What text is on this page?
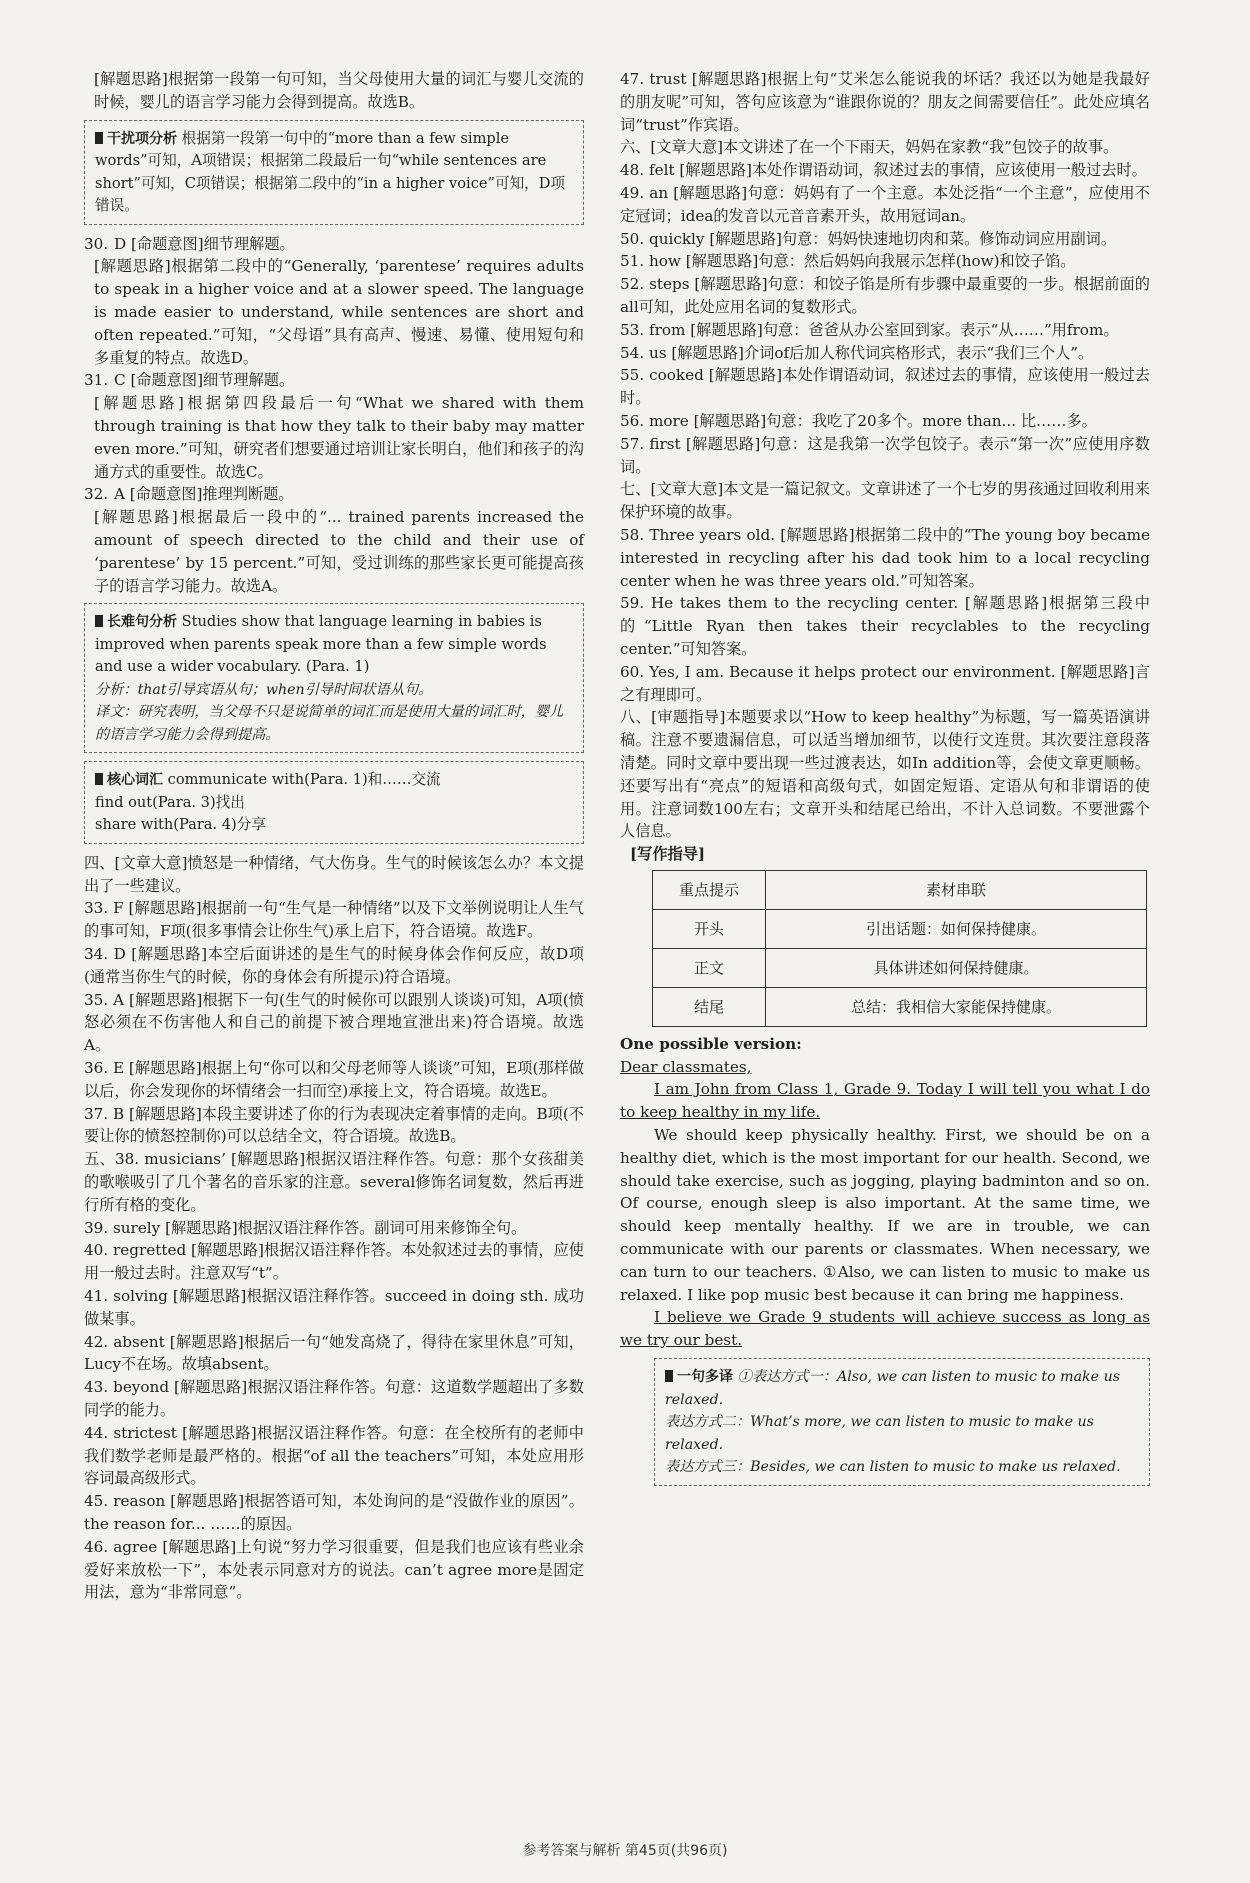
[解题思路]根据第一段第一句可知，当父母使用大量的词汇与婴儿交流的时候，婴儿的语言学习能力会得到提高。故选B。

干扰项分析 根据第一段第一句中的“more than a few simple words”可知，A项错误；根据第二段最后一句“while sentences are short”可知，C项错误；根据第二段中的“in a higher voice”可知，D项错误。

30. D [命题意图]细节理解题。

[解题思路]根据第二段中的“Generally, ‘parentese’ requires adults to speak in a higher voice and at a slower speed. The language is made easier to understand, while sentences are short and often repeated.”可知，“父母语”具有高声、慢速、易懂、使用短句和多重复的特点。故选D。

31. C [命题意图]细节理解题。

[解题思路]根据第四段最后一句“What we shared with them through training is that how they talk to their baby may matter even more.”可知，研究者们想要通过培训让家长明白，他们和孩子的沟通方式的重要性。故选C。

32. A [命题意图]推理判断题。

[解题思路]根据最后一段中的“... trained parents increased the amount of speech directed to the child and their use of ‘parentese’ by 15 percent.”可知，受过训练的那些家长更可能提高孩子的语言学习能力。故选A。

长难句分析 Studies show that language learning in babies is improved when parents speak more than a few simple words and use a wider vocabulary. (Para. 1)
分析：that引导宾语从句；when引导时间状语从句。
译文：研究表明，当父母不只是说简单的词汇而是使用大量的词汇时，婴儿的语言学习能力会得到提高。
核心词汇 communicate with(Para. 1)和……交流
find out(Para. 3)找出
share with(Para. 4)分享

四、[文章大意]愤怒是一种情绪，气大伤身。生气的时候该怎么办？本文提出了一些建议。

33. F [解题思路]根据前一句“生气是一种情绪”以及下文举例说明让人生气的事可知，F项(很多事情会让你生气)承上启下，符合语境。故选F。

34. D [解题思路]本空后面讲述的是生气的时候身体会作何反应，故D项(通常当你生气的时候，你的身体会有所提示)符合语境。

35. A [解题思路]根据下一句(生气的时候你可以跟别人谈谈)可知，A项(愤怒必须在不伤害他人和自己的前提下被合理地宣泄出来)符合语境。故选A。

36. E [解题思路]根据上句“你可以和父母老师等人谈谈”可知，E项(那样做以后，你会发现你的坏情绪会一扫而空)承接上文，符合语境。故选E。

37. B [解题思路]本段主要讲述了你的行为表现决定着事情的走向。B项(不要让你的愤怒控制你)可以总结全文，符合语境。故选B。

五、38. musicians’ [解题思路]根据汉语注释作答。句意：那个女孩甜美的歌喉吸引了几个著名的音乐家的注意。several修饰名词复数，然后再进行所有格的变化。

39. surely [解题思路]根据汉语注释作答。副词可用来修饰全句。

40. regretted [解题思路]根据汉语注释作答。本处叙述过去的事情，应使用一般过去时。注意双写“t”。

41. solving [解题思路]根据汉语注释作答。succeed in doing sth. 成功做某事。

42. absent [解题思路]根据后一句“她发高烧了，得待在家里休息”可知，Lucy不在场。故填absent。

43. beyond [解题思路]根据汉语注释作答。句意：这道数学题超出了多数同学的能力。

44. strictest [解题思路]根据汉语注释作答。句意：在全校所有的老师中我们数学老师是最严格的。根据“of all the teachers”可知，本处应用形容词最高级形式。

45. reason [解题思路]根据答语可知，本处询问的是“没做作业的原因”。the reason for... ……的原因。

46. agree [解题思路]上句说“努力学习很重要，但是我们也应该有些业余爱好来放松一下”，本处表示同意对方的说法。can’t agree more是固定用法，意为“非常同意”。

47. trust [解题思路]根据上句“艾米怎么能说我的坏话？我还以为她是我最好的朋友呢”可知，答句应该意为“谁跟你说的？朋友之间需要信任”。此处应填名词“trust”作宾语。

六、[文章大意]本文讲述了在一个下雨天，妈妈在家教“我”包饺子的故事。

48. felt [解题思路]本处作谓语动词，叙述过去的事情，应该使用一般过去时。

49. an [解题思路]句意：妈妈有了一个主意。本处泛指“一个主意”，应使用不定冠词；idea的发音以元音音素开头，故用冠词an。

50. quickly [解题思路]句意：妈妈快速地切肉和菜。修饰动词应用副词。

51. how [解题思路]句意：然后妈妈向我展示怎样(how)和饺子馅。

52. steps [解题思路]句意：和饺子馅是所有步骤中最重要的一步。根据前面的all可知，此处应用名词的复数形式。

53. from [解题思路]句意：爸爸从办公室回到家。表示“从……”用from。

54. us [解题思路]介词of后加人称代词宾格形式，表示“我们三个人”。

55. cooked [解题思路]本处作谓语动词，叙述过去的事情，应该使用一般过去时。

56. more [解题思路]句意：我吃了20多个。more than... 比……多。

57. first [解题思路]句意：这是我第一次学包饺子。表示“第一次”应使用序数词。

七、[文章大意]本文是一篇记叙文。文章讲述了一个七岁的男孩通过回收利用来保护环境的故事。

58. Three years old. [解题思路]根据第二段中的“The young boy became interested in recycling after his dad took him to a local recycling center when he was three years old.”可知答案。

59. He takes them to the recycling center. [解题思路]根据第三段中的“Little Ryan then takes their recyclables to the recycling center.”可知答案。

60. Yes, I am. Because it helps protect our environment. [解题思路]言之有理即可。

八、[审题指导]本题要求以“How to keep healthy”为标题，写一篇英语演讲稿。注意不要遗漏信息，可以适当增加细节，以使行文连贯。其次要注意段落清楚。同时文章中要出现一些过渡表达，如In addition等，会使文章更顺畅。还要写出有“亮点”的短语和高级句式，如固定短语、定语从句和非谓语的使用。注意词数100左右；文章开头和结尾已给出，不计入总词数。不要泄露个人信息。

[写作指导]

重点提示	素材串联
开头	引出话题：如何保持健康。
正文	具体讲述如何保持健康。
结尾	总结：我相信大家能保持健康。
One possible version:
Dear classmates,
I am John from Class 1, Grade 9. Today I will tell you what I do to keep healthy in my life.
We should keep physically healthy. First, we should be on a healthy diet, which is the most important for our health. Second, we should take exercise, such as jogging, playing badminton and so on. Of course, enough sleep is also important. At the same time, we should keep mentally healthy. If we are in trouble, we can communicate with our parents or classmates. When necessary, we can turn to our teachers. ①Also, we can listen to music to make us relaxed. I like pop music best because it can bring me happiness.
I believe we Grade 9 students will achieve success as long as we try our best.
一句多译 ①表达方式一：Also, we can listen to music to make us relaxed.
表达方式二：What’s more, we can listen to music to make us relaxed.
表达方式三：Besides, we can listen to music to make us relaxed.
参考答案与解析 第45页(共96页)
